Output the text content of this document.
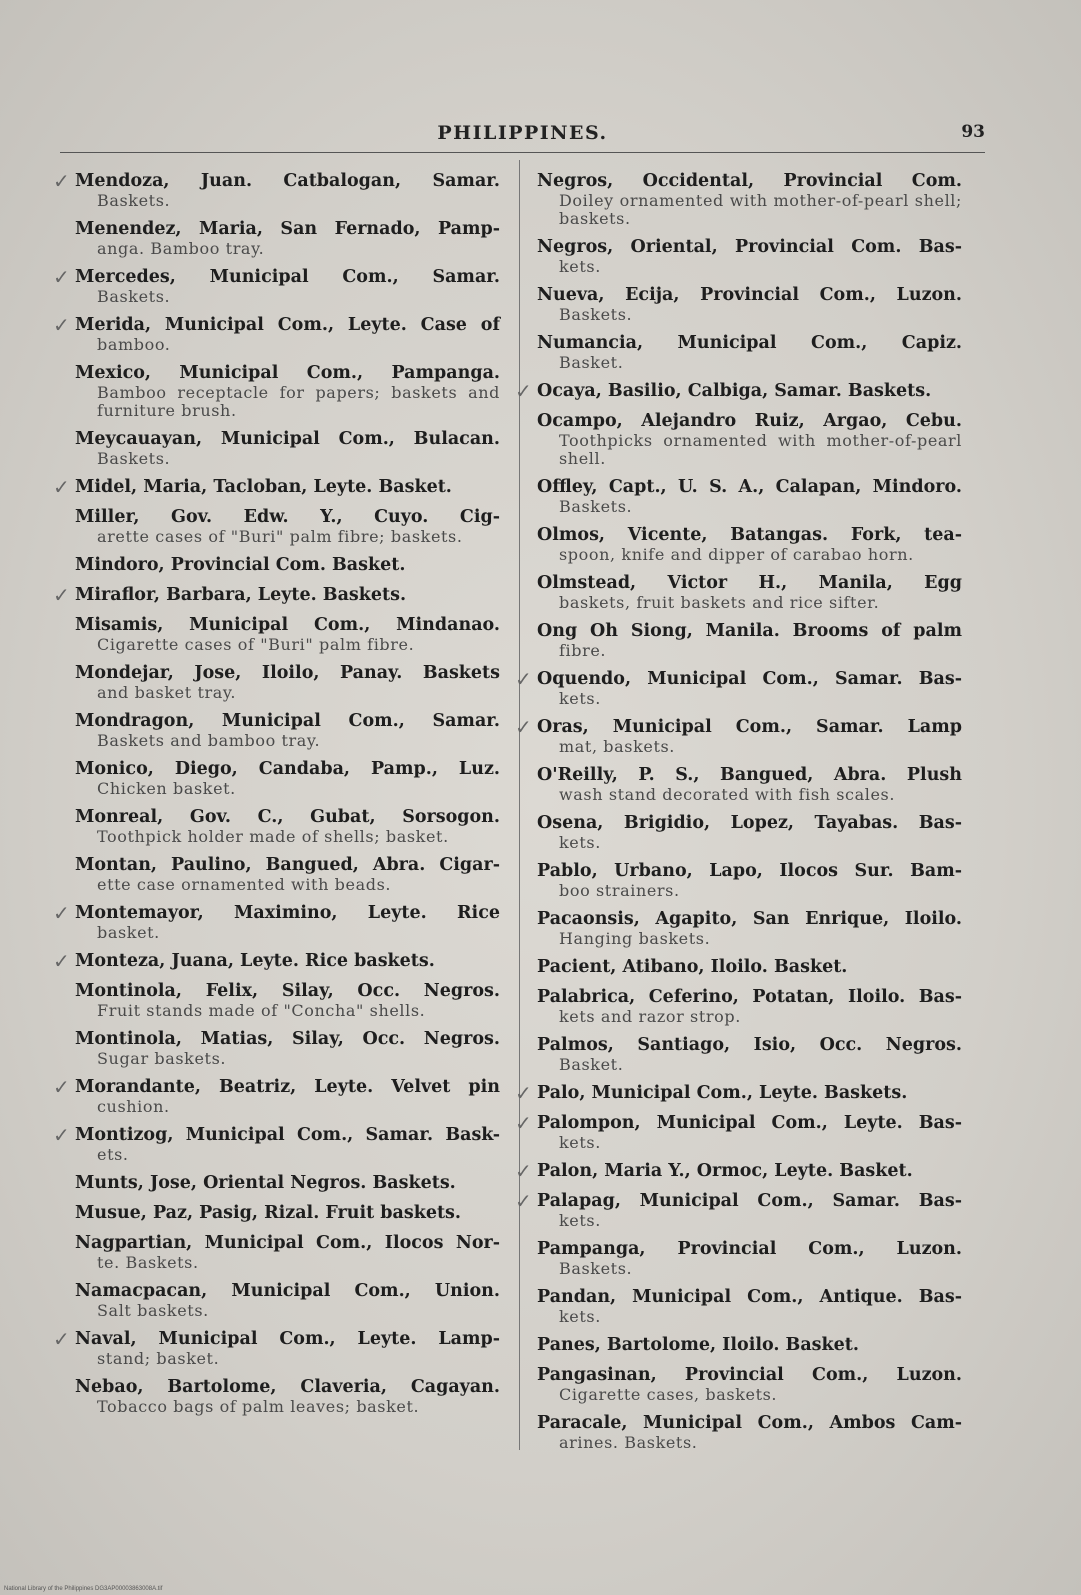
PHILIPPINES.	93
✓ Mendoza, Juan. Catbalogan, Samar.
Baskets.
Menendez, Maria, San Fernado, Pamp-
anga. Bamboo tray.
✓ Mercedes, Municipal Com., Samar.
Baskets.
✓ Merida, Municipal Com., Leyte. Case of
bamboo.
Mexico, Municipal Com., Pampanga.
Bamboo receptacle for papers; baskets and furniture brush.
Meycauayan, Municipal Com., Bulacan.
Baskets.
✓ Midel, Maria, Tacloban, Leyte. Basket.
Miller, Gov. Edw. Y., Cuyo. Cig-
arette cases of "Buri" palm fibre; baskets.
Mindoro, Provincial Com. Basket.
✓ Miraflor, Barbara, Leyte. Baskets.
Misamis, Municipal Com., Mindanao.
Cigarette cases of "Buri" palm fibre.
Mondejar, Jose, Iloilo, Panay. Baskets
and basket tray.
Mondragon, Municipal Com., Samar.
Baskets and bamboo tray.
Monico, Diego, Candaba, Pamp., Luz.
Chicken basket.
Monreal, Gov. C., Gubat, Sorsogon.
Toothpick holder made of shells; basket.
Montan, Paulino, Bangued, Abra. Cigar-
ette case ornamented with beads.
✓ Montemayor, Maximino, Leyte. Rice
basket.
✓ Monteza, Juana, Leyte. Rice baskets.
Montinola, Felix, Silay, Occ. Negros.
Fruit stands made of "Concha" shells.
Montinola, Matias, Silay, Occ. Negros.
Sugar baskets.
✓ Morandante, Beatriz, Leyte. Velvet pin
cushion.
✓ Montizog, Municipal Com., Samar. Bask-
ets.
Munts, Jose, Oriental Negros. Baskets.
Musue, Paz, Pasig, Rizal. Fruit baskets.
Nagpartian, Municipal Com., Ilocos Nor-
te. Baskets.
Namacpacan, Municipal Com., Union.
Salt baskets.
✓ Naval, Municipal Com., Leyte. Lamp-
stand; basket.
Nebao, Bartolome, Claveria, Cagayan.
Tobacco bags of palm leaves; basket.
Negros, Occidental, Provincial Com.
Doiley ornamented with mother-of-pearl shell; baskets.
Negros, Oriental, Provincial Com. Bas-
kets.
Nueva, Ecija, Provincial Com., Luzon.
Baskets.
Numancia, Municipal Com., Capiz.
Basket.
✓ Ocaya, Basilio, Calbiga, Samar. Baskets.
Ocampo, Alejandro Ruiz, Argao, Cebu.
Toothpicks ornamented with mother-of-pearl shell.
Offley, Capt., U. S. A., Calapan, Mindoro.
Baskets.
Olmos, Vicente, Batangas. Fork, tea-
spoon, knife and dipper of carabao horn.
Olmstead, Victor H., Manila, Egg
baskets, fruit baskets and rice sifter.
Ong Oh Siong, Manila. Brooms of palm
fibre.
✓ Oquendo, Municipal Com., Samar. Bas-
kets.
✓ Oras, Municipal Com., Samar. Lamp
mat, baskets.
O'Reilly, P. S., Bangued, Abra. Plush
wash stand decorated with fish scales.
Osena, Brigidio, Lopez, Tayabas. Bas-
kets.
Pablo, Urbano, Lapo, Ilocos Sur. Bam-
boo strainers.
Pacaonsis, Agapito, San Enrique, Iloilo.
Hanging baskets.
Pacient, Atibano, Iloilo. Basket.
Palabrica, Ceferino, Potatan, Iloilo. Bas-
kets and razor strop.
Palmos, Santiago, Isio, Occ. Negros.
Basket.
✓ Palo, Municipal Com., Leyte. Baskets.
✓ Palompon, Municipal Com., Leyte. Bas-
kets.
✓ Palon, Maria Y., Ormoc, Leyte. Basket.
✓ Palapag, Municipal Com., Samar. Bas-
kets.
Pampanga, Provincial Com., Luzon.
Baskets.
Pandan, Municipal Com., Antique. Bas-
kets.
Panes, Bartolome, Iloilo. Basket.
Pangasinan, Provincial Com., Luzon.
Cigarette cases, baskets.
Paracale, Municipal Com., Ambos Cam-
arines. Baskets.
National Library of the Philippines DG3AP00003863008A.tif
